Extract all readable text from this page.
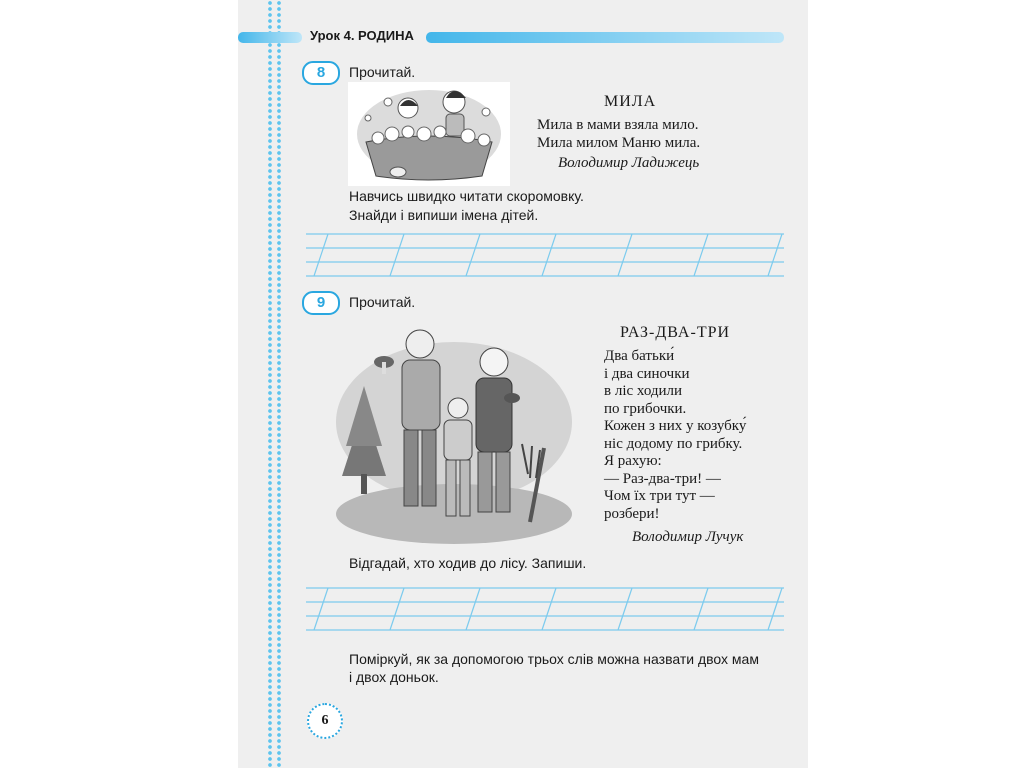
Урок 4. РОДИНА
8	Прочитай.
МИЛА
Мила в мами взяла мило.
Мила милом Маню мила.
Володимир Ладижець
Навчись швидко читати скоромовку.
Знайди і випиши імена дітей.
9	Прочитай.
РАЗ-ДВА-ТРИ
Два батьки́
і два синочки
в ліс ходили
по грибочки.
Кожен з них у козубку́
ніс додому по грибку.
Я рахую:
— Раз-два-три! —
Чом їх три тут —
розбери!
Володимир Лучук
Відгадай, хто ходив до лісу. Запиши.
Поміркуй, як за допомогою трьох слів можна назвати двох мам
і двох доньок.
6
